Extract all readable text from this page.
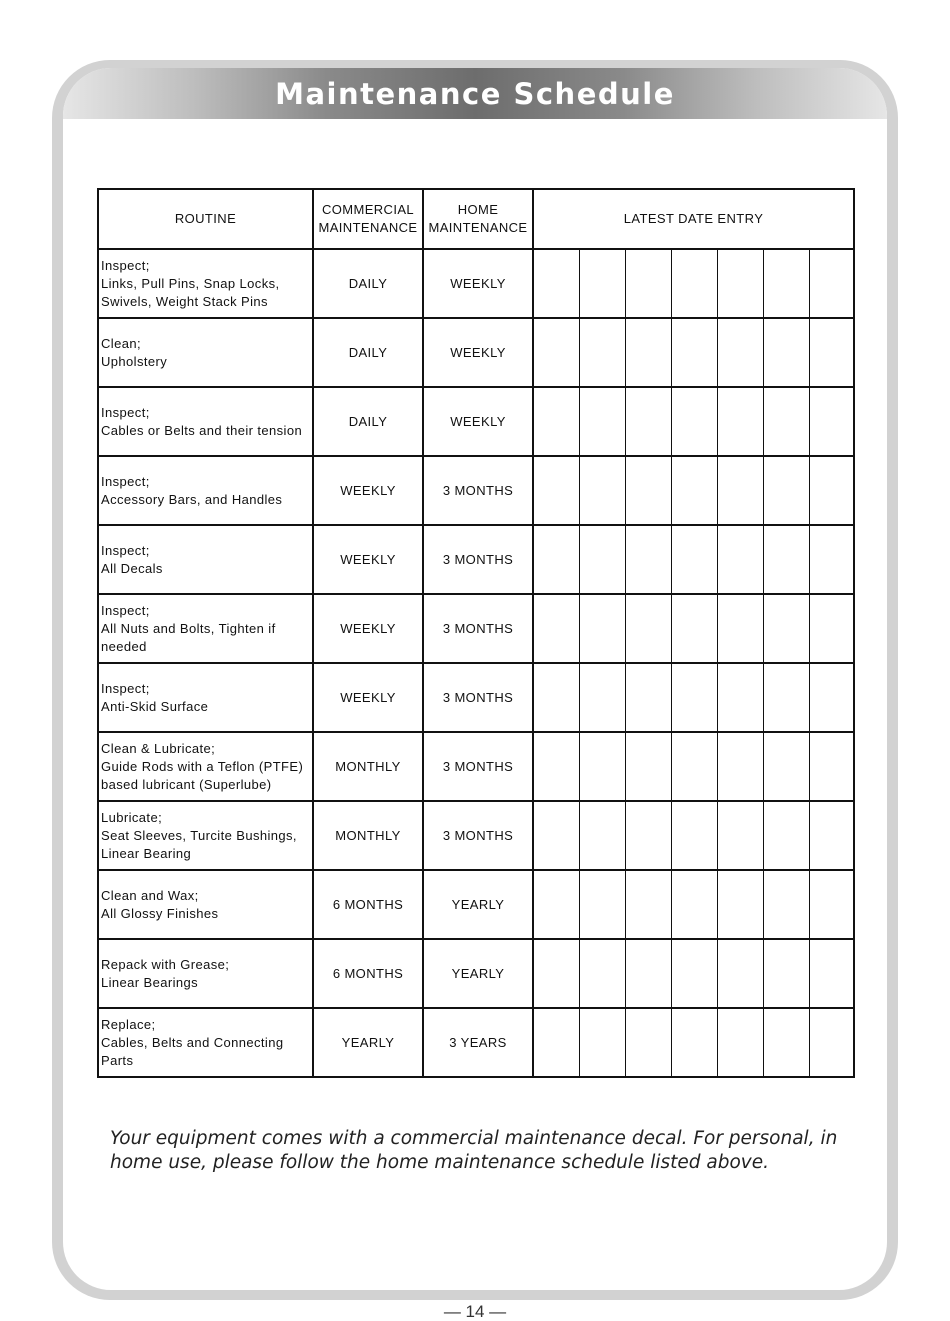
Maintenance Schedule
ROUTINE	COMMERCIAL MAINTENANCE	HOME MAINTENANCE	LATEST DATE ENTRY						

Inspect;
Links, Pull Pins, Snap Locks,
Swivels, Weight Stack Pins	DAILY	WEEKLY							

Clean;
Upholstery	DAILY	WEEKLY							

Inspect;
Cables or Belts and their tension	DAILY	WEEKLY							

Inspect;
Accessory Bars, and Handles	WEEKLY	3 MONTHS							

Inspect;
All Decals	WEEKLY	3 MONTHS							

Inspect;
All Nuts and Bolts, Tighten if
needed	WEEKLY	3 MONTHS							

Inspect;
Anti-Skid Surface	WEEKLY	3 MONTHS							

Clean & Lubricate;
Guide Rods with a Teflon (PTFE)
based lubricant (Superlube)	MONTHLY	3 MONTHS							

Lubricate;
Seat Sleeves, Turcite Bushings,
Linear Bearing	MONTHLY	3 MONTHS							

Clean and Wax;
All Glossy Finishes	6 MONTHS	YEARLY							

Repack with Grease;
Linear Bearings	6 MONTHS	YEARLY							

Replace;
Cables, Belts and Connecting
Parts	YEARLY	3 YEARS							
Your equipment comes with a commercial maintenance decal. For personal, in home use, please follow the home maintenance schedule listed above.
— 14 —
